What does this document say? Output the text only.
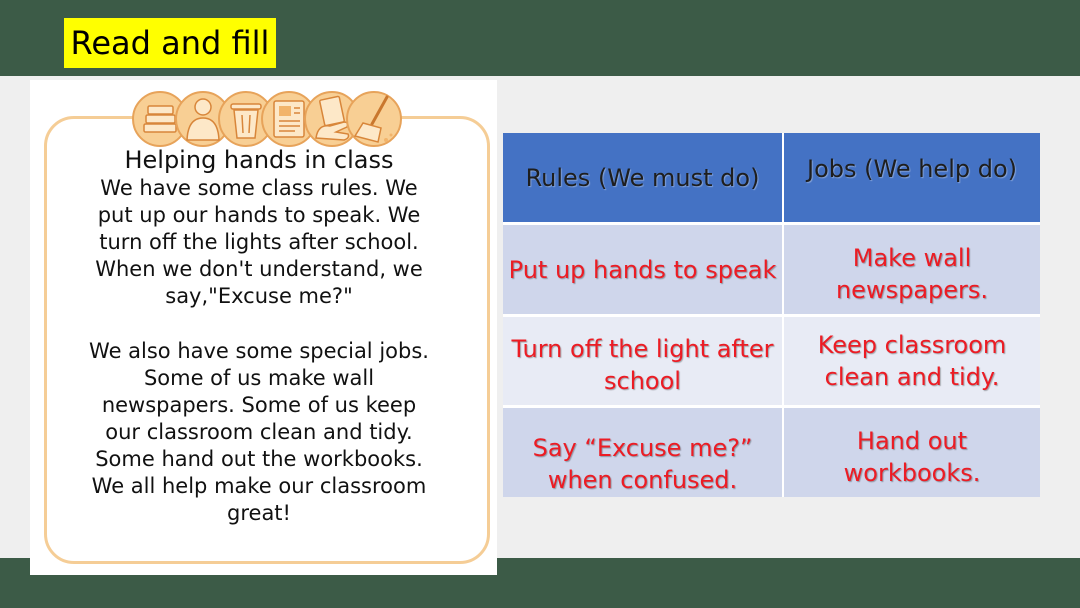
Read and fill
Helping hands in class
We have some class rules. We
put up our hands to speak. We
turn off the lights after school.
When we don't understand, we
say,"Excuse me?"
We also have some special jobs.
Some of us make wall
newspapers. Some of us keep
our classroom clean and tidy.
Some hand out the workbooks.
We all help make our classroom
great!
Rules (We must do)	Jobs (We help do)
Put up hands to speak	Make wall
newspapers.
Turn off the light after
school
Keep classroom
clean and tidy.
Say “Excuse me?”
when confused.
Hand out
workbooks.
